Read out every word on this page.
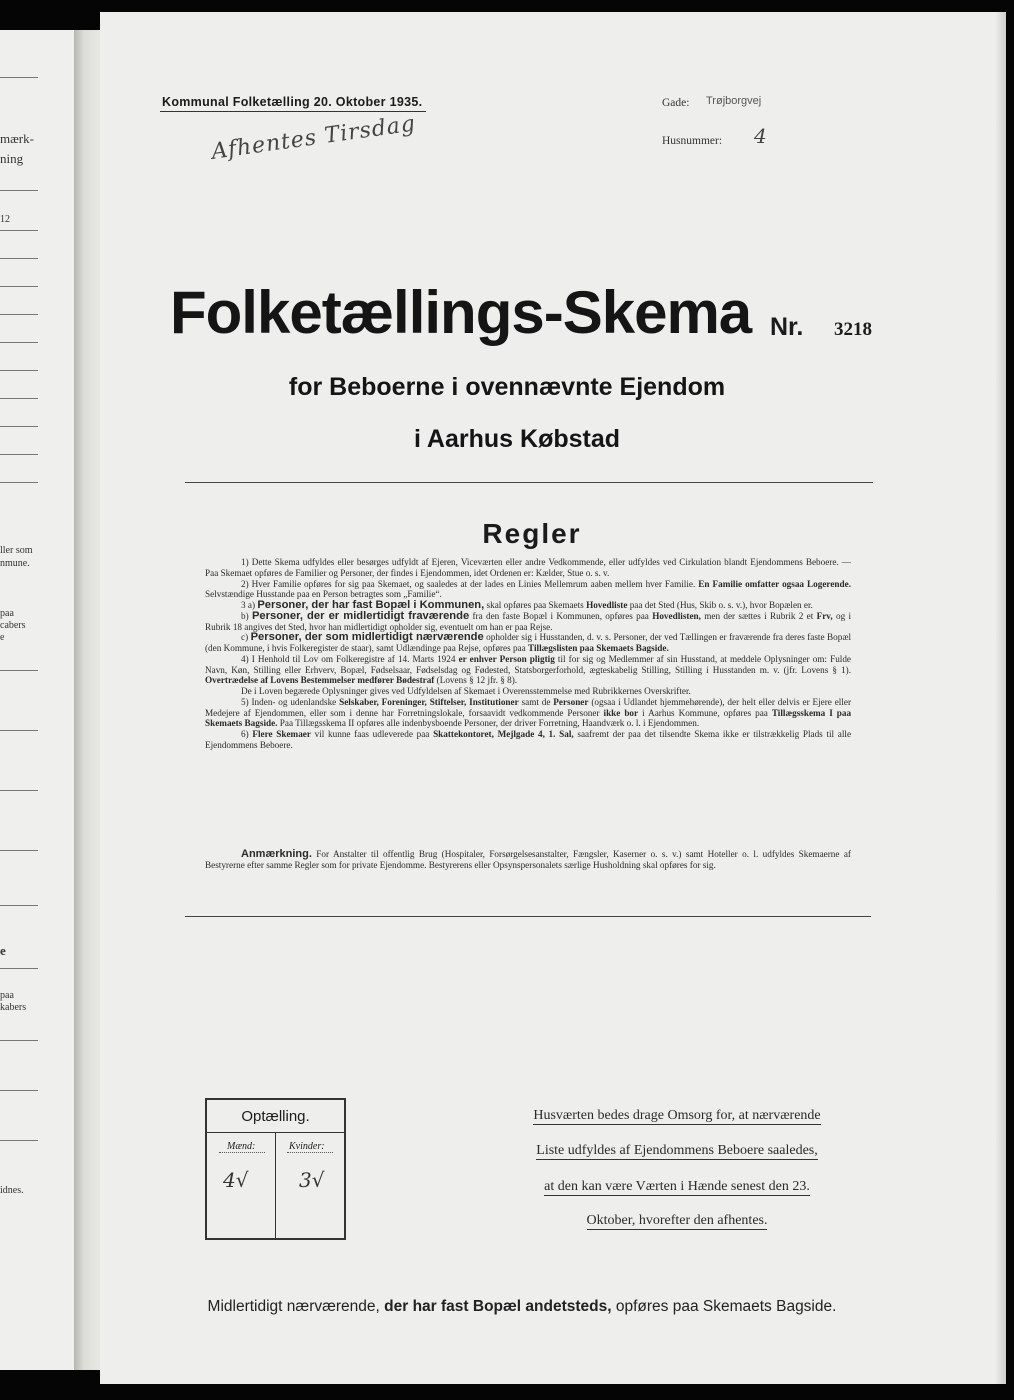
mærk-
ning
12
ller som
nmune.
paa
cabers
e
e
paa
kabers
idnes.
Kommunal Folketælling 20. Oktober 1935.	Gade: Trøjborgvej
Husnummer: 4
Afhentes Tirsdag
Folketællings-Skema Nr. 3218
for Beboerne i ovennævnte Ejendom
i Aarhus Købstad
Regler

1) Dette Skema udfyldes eller besørges udfyldt af Ejeren, Viceværten eller andre Vedkommende, eller udfyldes ved Cirkulation blandt Ejendommens Beboere. — Paa Skemaet opføres de Familier og Personer, der findes i Ejendommen, idet Ordenen er: Kælder, Stue o. s. v.

2) Hver Familie opføres for sig paa Skemaet, og saaledes at der lades en Linies Mellemrum aaben mellem hver Familie. En Familie omfatter ogsaa Logerende. Selvstændige Husstande paa en Person betragtes som „Familie“.

3 a) Personer, der har fast Bopæl i Kommunen, skal opføres paa Skemaets Hovedliste paa det Sted (Hus, Skib o. s. v.), hvor Bopælen er.

b) Personer, der er midlertidigt fraværende fra den faste Bopæl i Kommunen, opføres paa Hovedlisten, men der sættes i Rubrik 2 et Frv, og i Rubrik 18 angives det Sted, hvor han midlertidigt opholder sig, eventuelt om han er paa Rejse.

c) Personer, der som midlertidigt nærværende opholder sig i Husstanden, d. v. s. Personer, der ved Tællingen er fraværende fra deres faste Bopæl (den Kommune, i hvis Folkeregister de staar), samt Udlændinge paa Rejse, opføres paa Tillægslisten paa Skemaets Bagside.

4) I Henhold til Lov om Folkeregistre af 14. Marts 1924 er enhver Person pligtig til for sig og Medlemmer af sin Husstand, at meddele Oplysninger om: Fulde Navn, Køn, Stilling eller Erhverv, Bopæl, Fødselsaar, Fødselsdag og Fødested, Statsborgerforhold, ægteskabelig Stilling, Stilling i Husstanden m. v. (jfr. Lovens § 1). Overtrædelse af Lovens Bestemmelser medfører Bødestraf (Lovens § 12 jfr. § 8).

De i Loven begærede Oplysninger gives ved Udfyldelsen af Skemaet i Overensstemmelse med Rubrikkernes Overskrifter.

5) Inden- og udenlandske Selskaber, Foreninger, Stiftelser, Institutioner samt de Personer (ogsaa i Udlandet hjemmehørende), der helt eller delvis er Ejere eller Medejere af Ejendommen, eller som i denne har Forretningslokale, forsaavidt vedkommende Personer ikke bor i Aarhus Kommune, opføres paa Tillægsskema I paa Skemaets Bagside. Paa Tillægsskema II opføres alle indenbysboende Personer, der driver Forretning, Haandværk o. l. i Ejendommen.

6) Flere Skemaer vil kunne faas udleverede paa Skattekontoret, Mejlgade 4, 1. Sal, saafremt der paa det tilsendte Skema ikke er tilstrækkelig Plads til alle Ejendommens Beboere.

Anmærkning. For Anstalter til offentlig Brug (Hospitaler, Forsørgelsesanstalter, Fængsler, Kaserner o. s. v.) samt Hoteller o. l. udfyldes Skemaerne af Bestyrerne efter samme Regler som for private Ejendomme. Bestyrerens eller Opsynspersonalets særlige Husholdning skal opføres for sig.
Optælling.
Mænd:	Kvinder:
4√	3√
Husværten bedes drage Omsorg for, at nærværende
Liste udfyldes af Ejendommens Beboere saaledes,
at den kan være Værten i Hænde senest den 23.
Oktober, hvorefter den afhentes.
Midlertidigt nærværende, der har fast Bopæl andetsteds, opføres paa Skemaets Bagside.
